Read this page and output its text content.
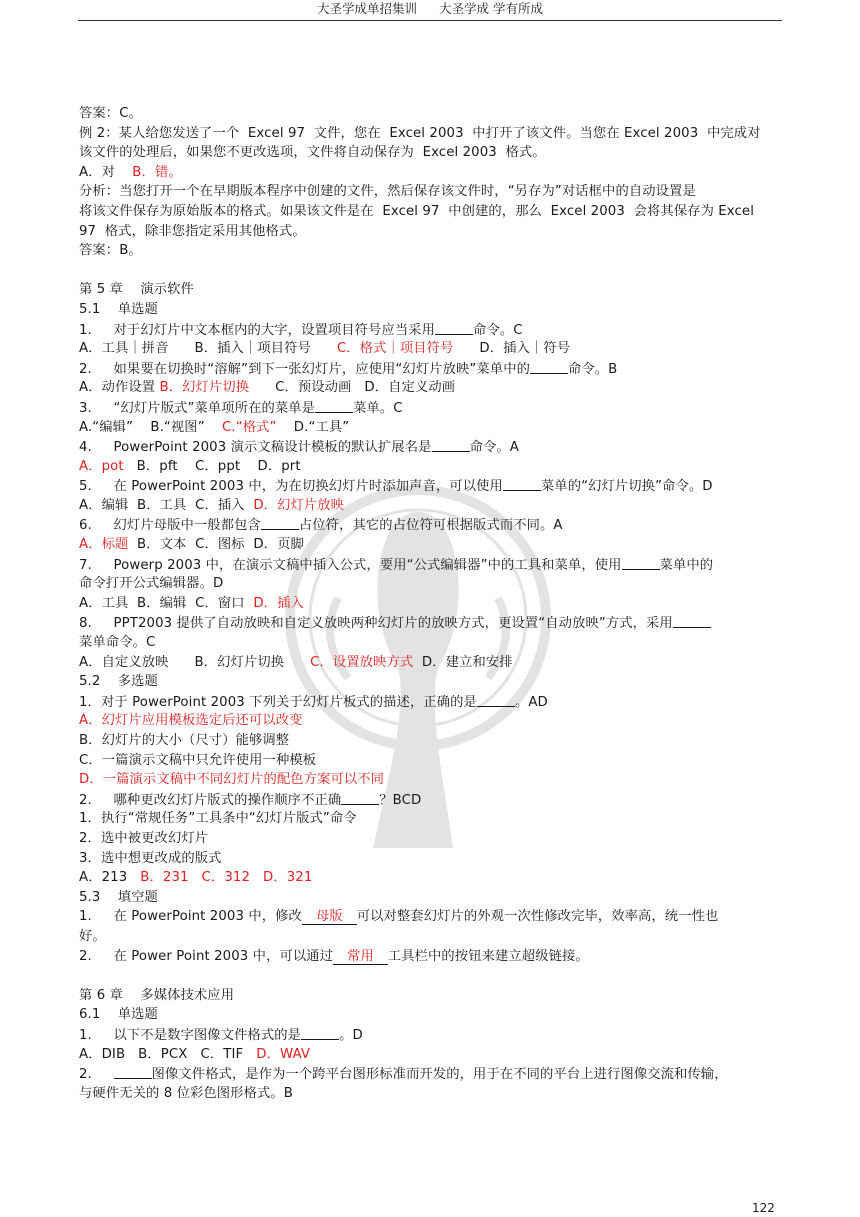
大圣学成单招集训 大圣学成 学有所成
答案：C。
例 2：某人给您发送了一个  Excel 97  文件，您在  Excel 2003  中打开了该文件。当您在 Excel 2003  中完成对
该文件的处理后，如果您不更改选项，文件将自动保存为  Excel 2003  格式。
A．对    B．错。
分析：当您打开一个在早期版本程序中创建的文件，然后保存该文件时，“另存为”对话框中的自动设置是
将该文件保存为原始版本的格式。如果该文件是在  Excel 97  中创建的，那么  Excel 2003  会将其保存为 Excel
97  格式，除非您指定采用其他格式。
答案：B。
第 5 章    演示软件
5.1    单选题
1.     对于幻灯片中文本框内的大字，设置项目符号应当采用	命令。C
A．工具｜拼音      B．插入｜项目符号      C．格式｜项目符号      D．插入｜符号
2.     如果要在切换时“溶解”到下一张幻灯片，应使用“幻灯片放映”菜单中的	命令。B
A．动作设置 B．幻灯片切换      C．预设动画   D．自定义动画
3.     “幻灯片版式”菜单项所在的菜单是	菜单。C
A.“编辑”    B.“视图”    C.“格式”    D.“工具”
4.     PowerPoint 2003 演示文稿设计模板的默认扩展名是	命令。A
A．pot   B．pft    C．ppt    D．prt
5.     在 PowerPoint 2003 中，为在切换幻灯片时添加声音，可以使用	菜单的“幻灯片切换”命令。D
A．编辑  B．工具  C．插入  D．幻灯片放映
6.     幻灯片母版中一般都包含	占位符，其它的占位符可根据版式而不同。A
A．标题  B．文本  C．图标  D．页脚
7.     Powerp 2003 中，在演示文稿中插入公式，要用“公式编辑器”中的工具和菜单，使用	菜单中的
命令打开公式编辑器。D
A．工具  B．编辑  C．窗口  D．插入
8.     PPT2003 提供了自动放映和自定义放映两种幻灯片的放映方式，更设置“自动放映”方式，采用
菜单命令。C
A．自定义放映      B．幻灯片切换      C．设置放映方式  D．建立和安排
5.2    多选题
1．对于 PowerPoint 2003 下列关于幻灯片板式的描述，正确的是	。AD
A．幻灯片应用模板选定后还可以改变
B．幻灯片的大小（尺寸）能够调整
C．一篇演示文稿中只允许使用一种模板
D．一篇演示文稿中不同幻灯片的配色方案可以不同
2.     哪种更改幻灯片版式的操作顺序不正确	？BCD
1．执行“常规任务”工具条中“幻灯片版式”命令
2．选中被更改幻灯片
3．选中想更改成的版式
A．213   B．231   C．312   D．321
5.3    填空题
1.     在 PowerPoint 2003 中，修改 母版 可以对整套幻灯片的外观一次性修改完毕，效率高，统一性也
好。
2.     在 Power Point 2003 中，可以通过 常用 工具栏中的按钮来建立超级链接。
第 6 章    多媒体技术应用
6.1    单选题
1.     以下不是数字图像文件格式的是	。D
A．DIB   B．PCX   C．TIF   D．WAV
2.	图像文件格式，是作为一个跨平台图形标准而开发的，用于在不同的平台上进行图像交流和传输，
与硬件无关的 8 位彩色图形格式。B
122
